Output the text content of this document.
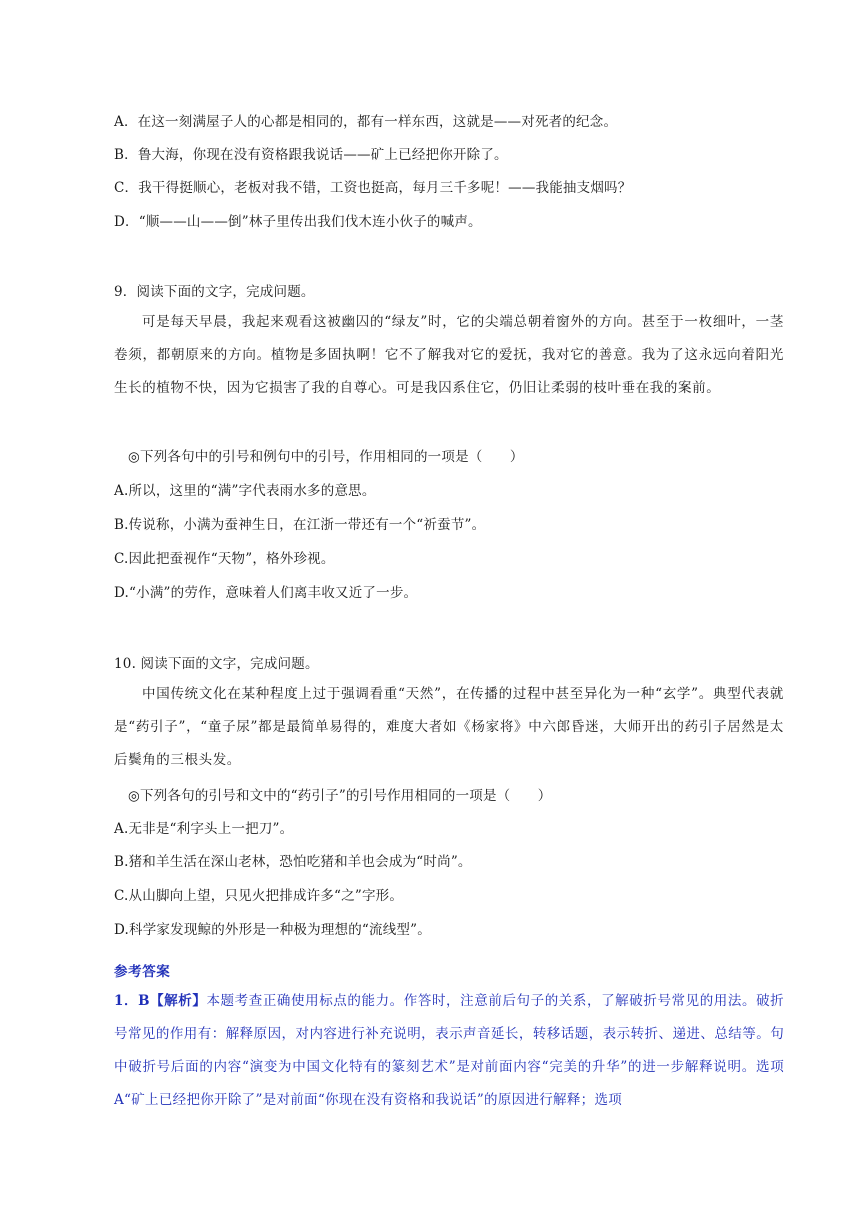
A．在这一刻满屋子人的心都是相同的，都有一样东西，这就是——对死者的纪念。
B．鲁大海，你现在没有资格跟我说话——矿上已经把你开除了。
C．我干得挺顺心，老板对我不错，工资也挺高，每月三千多呢！——我能抽支烟吗？
D．“顺——山——倒”林子里传出我们伐木连小伙子的喊声。
9．阅读下面的文字，完成问题。
可是每天早晨，我起来观看这被幽囚的“绿友”时，它的尖端总朝着窗外的方向。甚至于一枚细叶，一茎卷须，都朝原来的方向。植物是多固执啊！它不了解我对它的爱抚，我对它的善意。我为了这永远向着阳光生长的植物不快，因为它损害了我的自尊心。可是我囚系住它，仍旧让柔弱的枝叶垂在我的案前。
◎下列各句中的引号和例句中的引号，作用相同的一项是（　　）
A.所以，这里的“满”字代表雨水多的意思。
B.传说称，小满为蚕神生日，在江浙一带还有一个“祈蚕节”。
C.因此把蚕视作“天物”，格外珍视。
D.“小满”的劳作，意味着人们离丰收又近了一步。
10. 阅读下面的文字，完成问题。
中国传统文化在某种程度上过于强调看重“天然”，在传播的过程中甚至异化为一种“玄学”。典型代表就是“药引子”，“童子尿”都是最简单易得的，难度大者如《杨家将》中六郎昏迷，大师开出的药引子居然是太后鬓角的三根头发。
◎下列各句的引号和文中的“药引子”的引号作用相同的一项是（　　）
A.无非是“利字头上一把刀”。
B.猪和羊生活在深山老林，恐怕吃猪和羊也会成为“时尚”。
C.从山脚向上望，只见火把排成许多“之”字形。
D.科学家发现鲸的外形是一种极为理想的“流线型”。
参考答案
1．B【解析】本题考查正确使用标点的能力。作答时，注意前后句子的关系，了解破折号常见的用法。破折号常见的作用有：解释原因，对内容进行补充说明，表示声音延长，转移话题，表示转折、递进、总结等。句中破折号后面的内容“演变为中国文化特有的篆刻艺术”是对前面内容“完美的升华”的进一步解释说明。选项 A“矿上已经把你开除了”是对前面“你现在没有资格和我说话”的原因进行解释；选项
